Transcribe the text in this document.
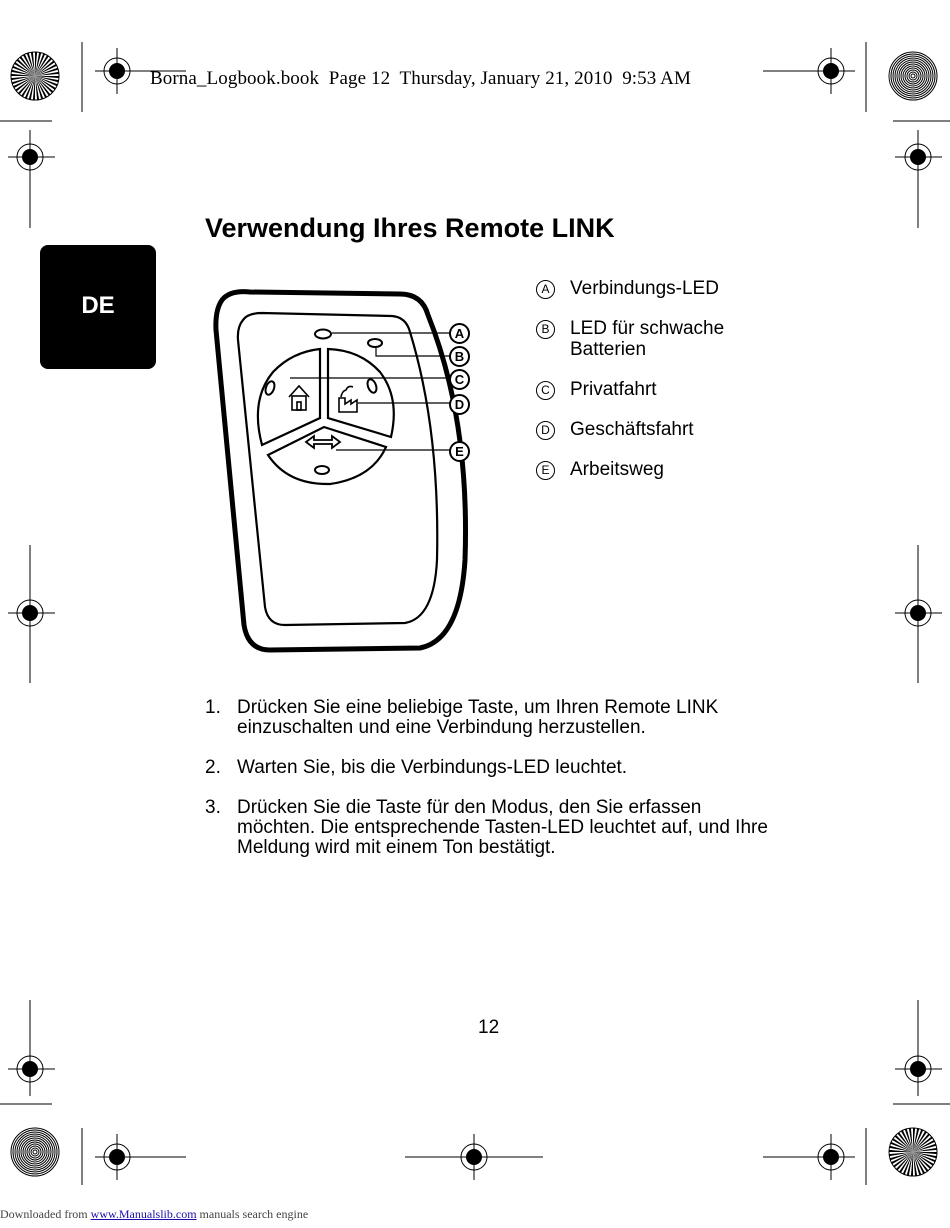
Borna_Logbook.book  Page 12  Thursday, January 21, 2010  9:53 AM
DE
Verwendung Ihres Remote LINK
A Verbindungs-LED
B LED für schwache Batterien
C Privatfahrt
D Geschäftsfahrt
E Arbeitsweg
1. Drücken Sie eine beliebige Taste, um Ihren Remote LINK einzuschalten und eine Verbindung herzustellen.
2. Warten Sie, bis die Verbindungs-LED leuchtet.
3. Drücken Sie die Taste für den Modus, den Sie erfassen möchten. Die entsprechende Tasten-LED leuchtet auf, und Ihre Meldung wird mit einem Ton bestätigt.
12
Downloaded from www.Manualslib.com manuals search engine
A
B
C
D
E
